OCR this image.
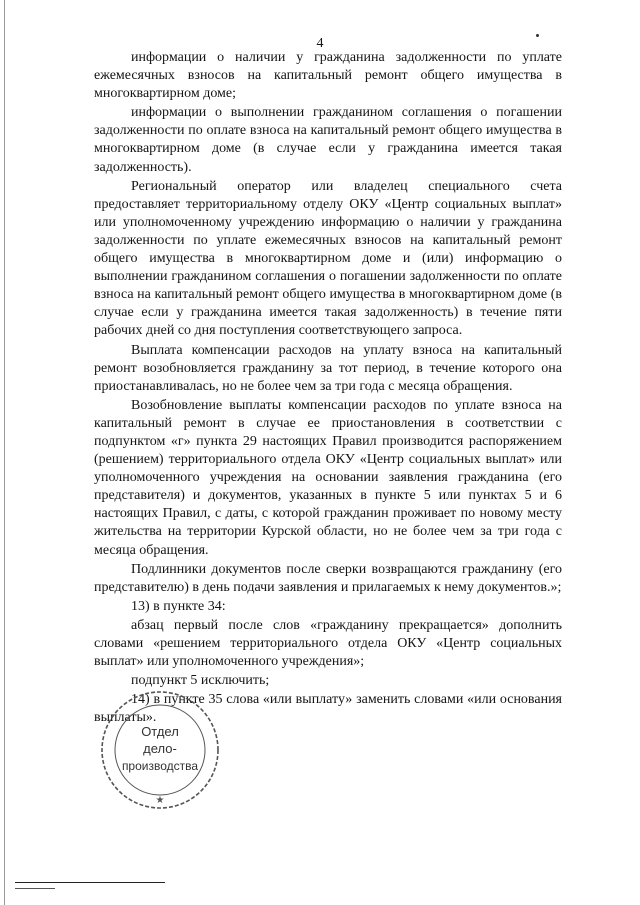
4

информации о наличии у гражданина задолженности по уплате ежемесячных взносов на капитальный ремонт общего имущества в многоквартирном доме;

информации о выполнении гражданином соглашения о погашении задолженности по оплате взноса на капитальный ремонт общего имущества в многоквартирном доме (в случае если у гражданина имеется такая задолженность).

Региональный оператор или владелец специального счета предоставляет территориальному отделу ОКУ «Центр социальных выплат» или уполномоченному учреждению информацию о наличии у гражданина задолженности по уплате ежемесячных взносов на капитальный ремонт общего имущества в многоквартирном доме и (или) информацию о выполнении гражданином соглашения о погашении задолженности по оплате взноса на капитальный ремонт общего имущества в многоквартирном доме (в случае если у гражданина имеется такая задолженность) в течение пяти рабочих дней со дня поступления соответствующего запроса.

Выплата компенсации расходов на уплату взноса на капитальный ремонт возобновляется гражданину за тот период, в течение которого она приостанавливалась, но не более чем за три года с месяца обращения.

Возобновление выплаты компенсации расходов по уплате взноса на капитальный ремонт в случае ее приостановления в соответствии с подпунктом «г» пункта 29 настоящих Правил производится распоряжением (решением) территориального отдела ОКУ «Центр социальных выплат» или уполномоченного учреждения на основании заявления гражданина (его представителя) и документов, указанных в пункте 5 или пунктах 5 и 6 настоящих Правил, с даты, с которой гражданин проживает по новому месту жительства на территории Курской области, но не более чем за три года с месяца обращения.

Подлинники документов после сверки возвращаются гражданину (его представителю) в день подачи заявления и прилагаемых к нему документов.»;

13) в пункте 34:

абзац первый после слов «гражданину прекращается» дополнить словами «решением территориального отдела ОКУ «Центр социальных выплат» или уполномоченного учреждения»;

подпункт 5 исключить;

14) в пункте 35 слова «или выплату» заменить словами «или основания выплаты».

Отдел
дело-
производства
★
